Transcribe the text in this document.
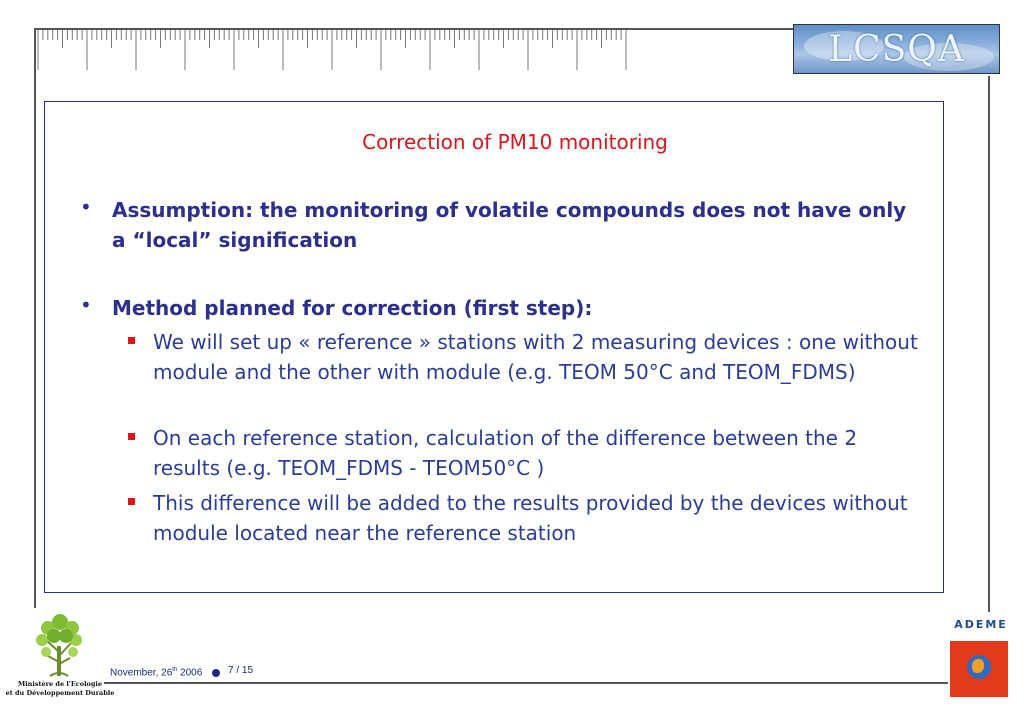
LCSQA
Correction of PM10 monitoring
• Assumption: the monitoring of volatile compounds does not have only a “local” signification
• Method planned for correction (first step):
We will set up « reference » stations with 2 measuring devices : one without module and the other with module (e.g. TEOM 50°C and TEOM_FDMS)
On each reference station, calculation of the difference between the 2 results (e.g. TEOM_FDMS - TEOM50°C )
This difference will be added to the results provided by the devices without module located near the reference station
Ministère de l'Ecologie
et du Développement Durable
November, 26th 2006	7 / 15
ADEME
